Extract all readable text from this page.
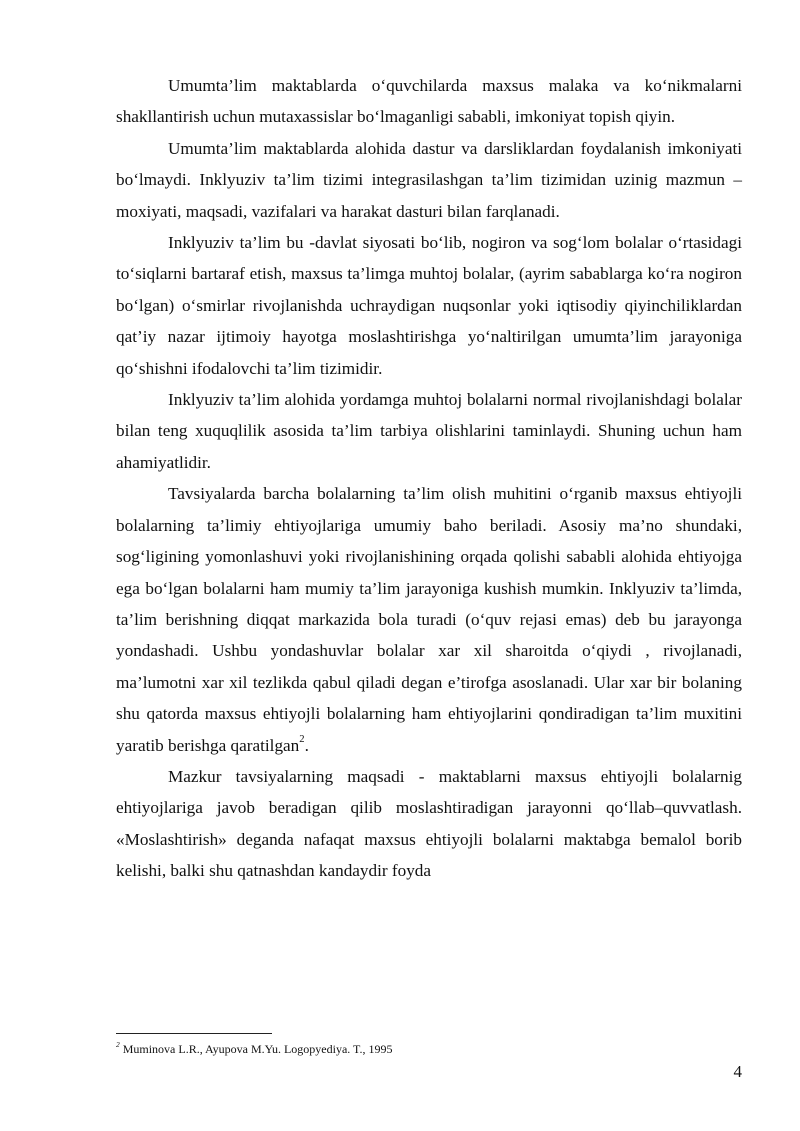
Umumta’lim maktablarda o‘quvchilarda maxsus malaka va ko‘nikmalarni shakllantirish uchun mutaxassislar bo‘lmaganligi sababli, imkoniyat topish qiyin.

Umumta’lim maktablarda alohida dastur va darsliklardan foydalanish imkoniyati bo‘lmaydi. Inklyuziv ta’lim tizimi integrasilashgan ta’lim tizimidan uzinig mazmun – moxiyati, maqsadi, vazifalari va harakat dasturi bilan farqlanadi.

Inklyuziv ta’lim bu -davlat siyosati bo‘lib, nogiron va sog‘lom bolalar o‘rtasidagi to‘siqlarni bartaraf etish, maxsus ta’limga muhtoj bolalar, (ayrim sabablarga ko‘ra nogiron bo‘lgan) o‘smirlar rivojlanishda uchraydigan nuqsonlar yoki iqtisodiy qiyinchiliklardan qat’iy nazar ijtimoiy hayotga moslashtirishga yo‘naltirilgan umumta’lim jarayoniga qo‘shishni ifodalovchi ta’lim tizimidir.

Inklyuziv ta’lim alohida yordamga muhtoj bolalarni normal rivojlanishdagi bolalar bilan teng xuquqlilik asosida ta’lim tarbiya olishlarini taminlaydi. Shuning uchun ham ahamiyatlidir.

Tavsiyalarda barcha bolalarning ta’lim olish muhitini o‘rganib maxsus ehtiyojli bolalarning ta’limiy ehtiyojlariga umumiy baho beriladi. Asosiy ma’no shundaki, sog‘ligining yomonlashuvi yoki rivojlanishining orqada qolishi sababli alohida ehtiyojga ega bo‘lgan bolalarni ham mumiy ta’lim jarayoniga kushish mumkin. Inklyuziv ta’limda, ta’lim berishning diqqat markazida bola turadi (o‘quv rejasi emas) deb bu jarayonga yondashadi. Ushbu yondashuvlar bolalar xar xil sharoitda o‘qiydi , rivojlanadi, ma’lumotni xar xil tezlikda qabul qiladi degan e’tirofga asoslanadi. Ular xar bir bolaning shu qatorda maxsus ehtiyojli bolalarning ham ehtiyojlarini qondiradigan ta’lim muxitini yaratib berishga qaratilgan$^2$.

Mazkur tavsiyalarning maqsadi - maktablarni maxsus ehtiyojli bolalarnig ehtiyojlariga javob beradigan qilib moslashtiradigan jarayonni qo‘llab–quvvatlash. «Moslashtirish» deganda nafaqat maxsus ehtiyojli bolalarni maktabga bemalol borib kelishi, balki shu qatnashdan kandaydir foyda

$^2$ Muminova L.R., Ayupova M.Yu. Logopyediya. T., 1995
4
